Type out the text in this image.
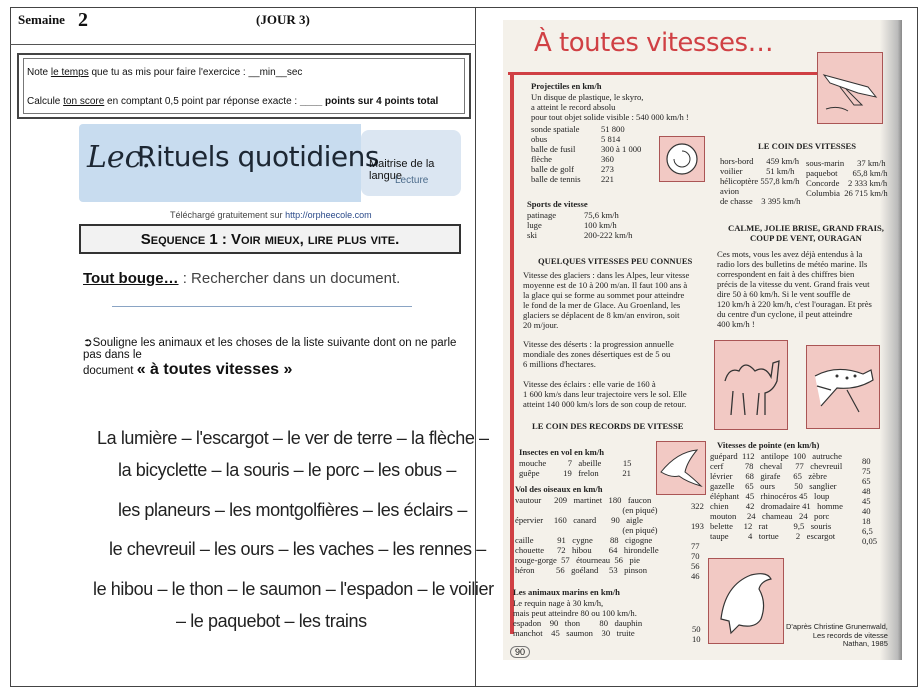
Semaine 2	(JOUR 3)
Note le temps que tu as mis pour faire l'exercice : __min__sec
Calcule ton score en comptant 0,5 point par réponse exacte : ____ points sur 4 points total
Lec.
Rituels quotidiens
Maitrise de la langue
Lecture
Téléchargé gratuitement sur http://orpheecole.com
Sequence 1 : Voir mieux, lire plus vite.
Tout bouge… : Rechercher dans un document.
➲Souligne les animaux et les choses de la liste suivante dont on ne parle pas dans le
document « à toutes vitesses »
La lumière – l'escargot – le ver de terre – la flèche –
la bicyclette – la souris – le porc – les obus –
les planeurs – les montgolfières – les éclairs –
le chevreuil – les ours – les vaches – les rennes –
le hibou – le thon – le saumon – l'espadon – le voilier
– le paquebot – les trains
À toutes vitesses…
Projectiles en km/h
Un disque de plastique, le skyro,
a atteint le record absolu
pour tout objet solide visible : 540 000 km/h !
sonde spatiale
obus
balle de fusil
flèche
balle de golf
balle de tennis
51 800
5 814
300 à 1 000
360
273
221
Sports de vitesse
patinage
luge
ski
75,6 km/h
100 km/h
200-222 km/h
LE COIN DES VITESSES
hors-bord      459 km/h
voilier           51 km/h
hélicoptère 557,8 km/h
avion
de chasse    3 395 km/h
sous-marin      37 km/h
paquebot       65,8 km/h
Concorde    2 333 km/h
Columbia  26 715 km/h
CALME, JOLIE BRISE, GRAND FRAIS,
COUP DE VENT, OURAGAN
Ces mots, vous les avez déjà entendus à la
radio lors des bulletins de météo marine. Ils
correspondent en fait à des chiffres bien
précis de la vitesse du vent. Grand frais veut
dire 50 à 60 km/h. Si le vent souffle de
120 km/h à 220 km/h, c'est l'ouragan. Et près
du centre d'un cyclone, il peut atteindre
400 km/h !
QUELQUES VITESSES PEU CONNUES
Vitesse des glaciers : dans les Alpes, leur vitesse
moyenne est de 10 à 200 m/an. Il faut 100 ans à
la glace qui se forme au sommet pour atteindre
le fond de la mer de Glace. Au Groenland, les
glaciers se déplacent de 8 km/an environ, soit
20 m/jour.
Vitesse des déserts : la progression annuelle
mondiale des zones désertiques est de 5 ou
6 millions d'hectares.
Vitesse des éclairs : elle varie de 160 à
1 600 km/s dans leur trajectoire vers le sol. Elle
atteint 140 000 km/s lors de son coup de retour.
LE COIN DES RECORDS DE VITESSE
Insectes en vol en km/h
mouche          7   abeille          15
guêpe           19   frelon           21
Vol des oiseaux en km/h
vautour      209   martinet   180   faucon
(en piqué)
épervier     160   canard       90   aigle
(en piqué)
caille           91   cygne        88   cigogne
chouette      72   hibou        64   hirondelle
rouge-gorge  57   étourneau  56   pie
héron          56   goéland     53   pinson
322

193

77
70
56
46
Les animaux marins en km/h
Le requin nage à 30 km/h,
mais peut atteindre 80 ou 100 km/h.
espadon    90   thon         80   dauphin
manchot    45   saumon    30   truite	50
10
Vitesses de pointe (en km/h)
guépard  112   antilope  100   autruche
cerf          78   cheval      77   chevreuil
lévrier      68   girafe      65   zèbre
gazelle     65   ours         50   sanglier
éléphant   45   rhinocéros 45   loup
chien        42   dromadaire 41   homme
mouton     24   chameau   24   porc
belette     12   rat            9,5   souris
taupe         4   tortue        2   escargot
80
75
65
48
45
40
18
6,5
0,05
D'après Christine Grunenwald,
Les records de vitesse
Nathan, 1985
90
